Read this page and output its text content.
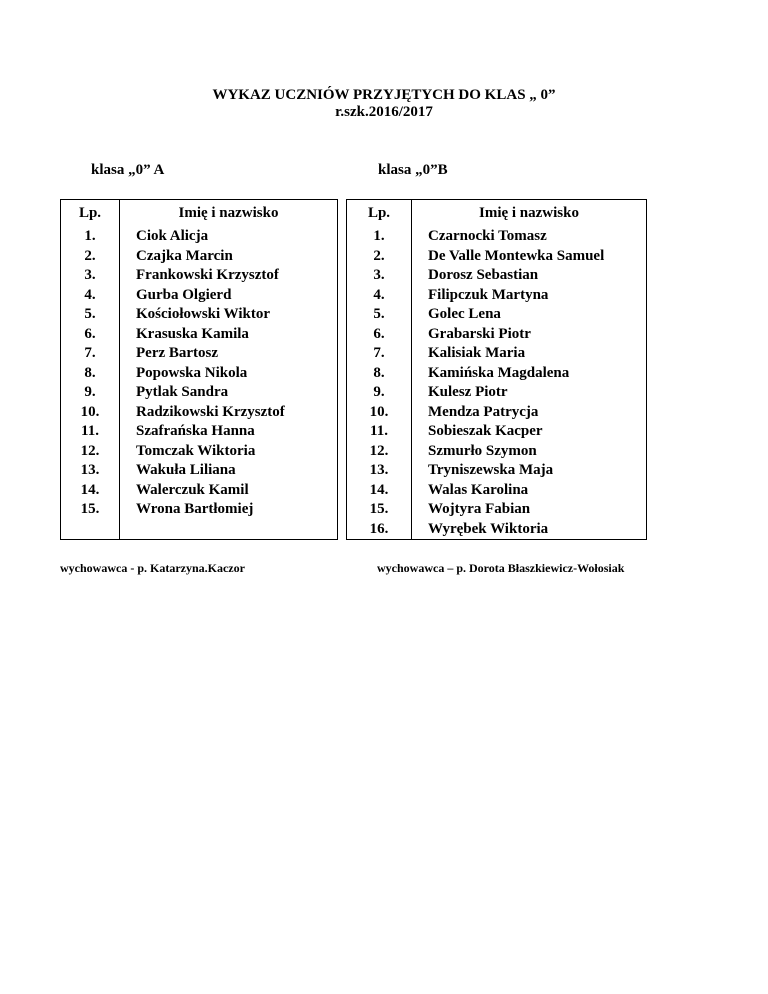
WYKAZ UCZNIÓW PRZYJĘTYCH DO KLAS „ 0”
r.szk.2016/2017
klasa „0” A	klasa „0”B
Lp.	Imię i nazwisko
1.	Ciok Alicja
2.	Czajka Marcin
3.	Frankowski Krzysztof
4.	Gurba Olgierd
5.	Kościołowski Wiktor
6.	Krasuska Kamila
7.	Perz Bartosz
8.	Popowska Nikola
9.	Pytlak Sandra
10.	Radzikowski Krzysztof
11.	Szafrańska Hanna
12.	Tomczak Wiktoria
13.	Wakuła Liliana
14.	Walerczuk Kamil
15.	Wrona Bartłomiej

Lp.	Imię i nazwisko
1.	Czarnocki Tomasz
2.	De Valle Montewka Samuel
3.	Dorosz Sebastian
4.	Filipczuk Martyna
5.	Golec Lena
6.	Grabarski Piotr
7.	Kalisiak Maria
8.	Kamińska Magdalena
9.	Kulesz Piotr
10.	Mendza Patrycja
11.	Sobieszak Kacper
12.	Szmurło Szymon
13.	Tryniszewska Maja
14.	Walas Karolina
15.	Wojtyra Fabian
16.	Wyrębek Wiktoria
wychowawca - p. Katarzyna.Kaczor	wychowawca – p. Dorota Błaszkiewicz-Wołosiak
